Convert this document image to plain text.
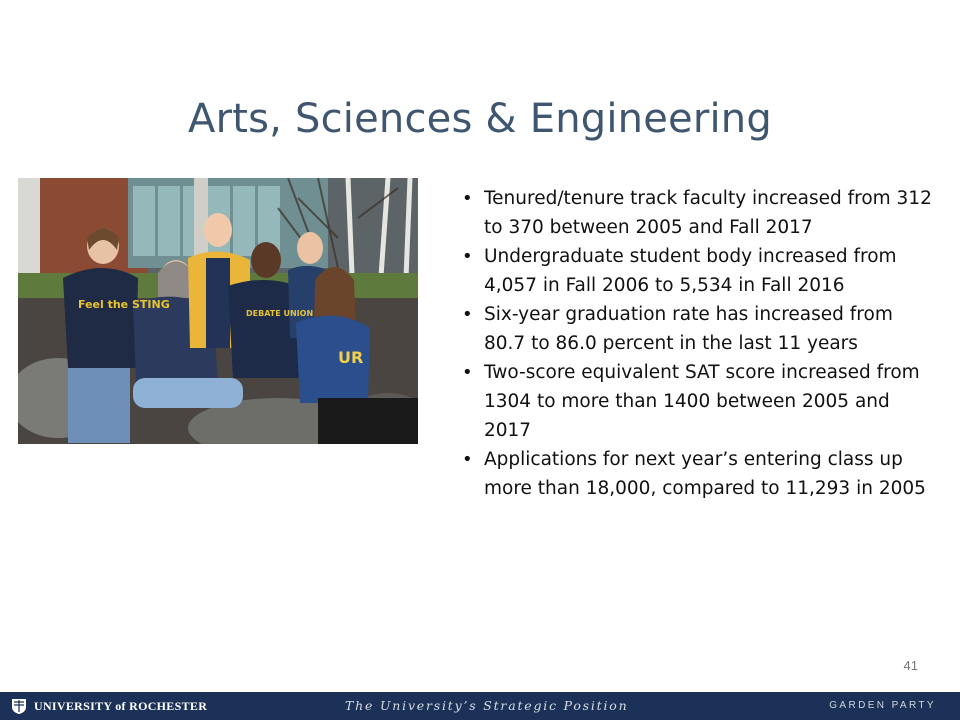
Arts, Sciences & Engineering
Feel the STING
DEBATE UNION
UR
• Tenured/tenure track faculty increased from 312 to 370 between 2005 and Fall 2017
• Undergraduate student body increased from 4,057 in Fall 2006 to 5,534 in Fall 2016
• Six-year graduation rate has increased from 80.7 to 86.0 percent in the last 11 years
• Two-score equivalent SAT score increased from 1304 to more than 1400 between 2005 and 2017
• Applications for next year’s entering class up more than 18,000, compared to 11,293 in 2005
41
UNIVERSITY of ROCHESTER	The University’s Strategic Position	GARDEN PARTY
